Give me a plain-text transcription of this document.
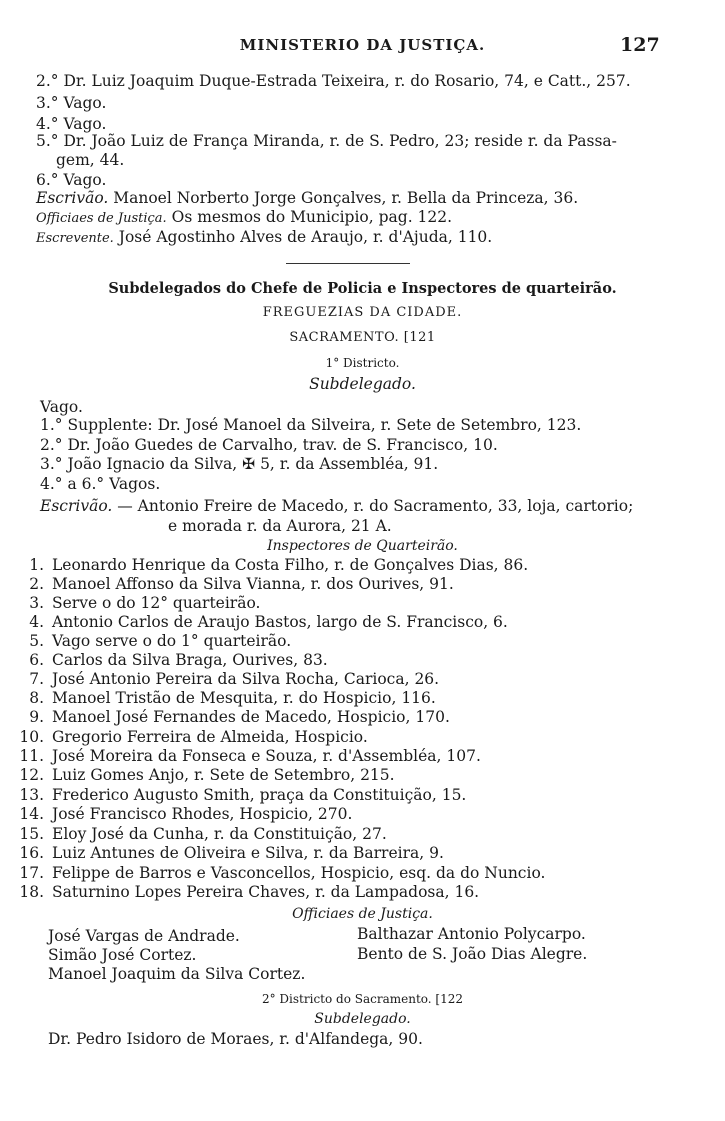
MINISTERIO DA JUSTIÇA.	127
2.° Dr. Luiz Joaquim Duque-Estrada Teixeira, r. do Rosario, 74, e Catt., 257.
3.° Vago.
4.° Vago.
5.° Dr. João Luiz de França Miranda, r. de S. Pedro, 23; reside r. da Passa-
gem, 44.
6.° Vago.
Escrivão. Manoel Norberto Jorge Gonçalves, r. Bella da Princeza, 36.
Officiaes de Justiça. Os mesmos do Municipio, pag. 122.
Escrevente. José Agostinho Alves de Araujo, r. d'Ajuda, 110.
Subdelegados do Chefe de Policia e Inspectores de quarteirão.
FREGUEZIAS DA CIDADE.
SACRAMENTO. [121
1° Districto.
Subdelegado.
Vago.
1.° Supplente: Dr. José Manoel da Silveira, r. Sete de Setembro, 123.
2.° Dr. João Guedes de Carvalho, trav. de S. Francisco, 10.
3.° João Ignacio da Silva, ✠ 5, r. da Assembléa, 91.
4.° a 6.° Vagos.
Escrivão. — Antonio Freire de Macedo, r. do Sacramento, 33, loja, cartorio;
e morada r. da Aurora, 21 A.
Inspectores de Quarteirão.
1. Leonardo Henrique da Costa Filho, r. de Gonçalves Dias, 86.
2. Manoel Affonso da Silva Vianna, r. dos Ourives, 91.
3. Serve o do 12° quarteirão.
4. Antonio Carlos de Araujo Bastos, largo de S. Francisco, 6.
5. Vago serve o do 1° quarteirão.
6. Carlos da Silva Braga, Ourives, 83.
7. José Antonio Pereira da Silva Rocha, Carioca, 26.
8. Manoel Tristão de Mesquita, r. do Hospicio, 116.
9. Manoel José Fernandes de Macedo, Hospicio, 170.
10. Gregorio Ferreira de Almeida, Hospicio.
11. José Moreira da Fonseca e Souza, r. d'Assembléa, 107.
12. Luiz Gomes Anjo, r. Sete de Setembro, 215.
13. Frederico Augusto Smith, praça da Constituição, 15.
14. José Francisco Rhodes, Hospicio, 270.
15. Eloy José da Cunha, r. da Constituição, 27.
16. Luiz Antunes de Oliveira e Silva, r. da Barreira, 9.
17. Felippe de Barros e Vasconcellos, Hospicio, esq. da do Nuncio.
18. Saturnino Lopes Pereira Chaves, r. da Lampadosa, 16.
Officiaes de Justiça.
José Vargas de Andrade.
Simão José Cortez.
Manoel Joaquim da Silva Cortez.
Balthazar Antonio Polycarpo.
Bento de S. João Dias Alegre.
2° Districto do Sacramento. [122
Subdelegado.
Dr. Pedro Isidoro de Moraes, r. d'Alfandega, 90.
